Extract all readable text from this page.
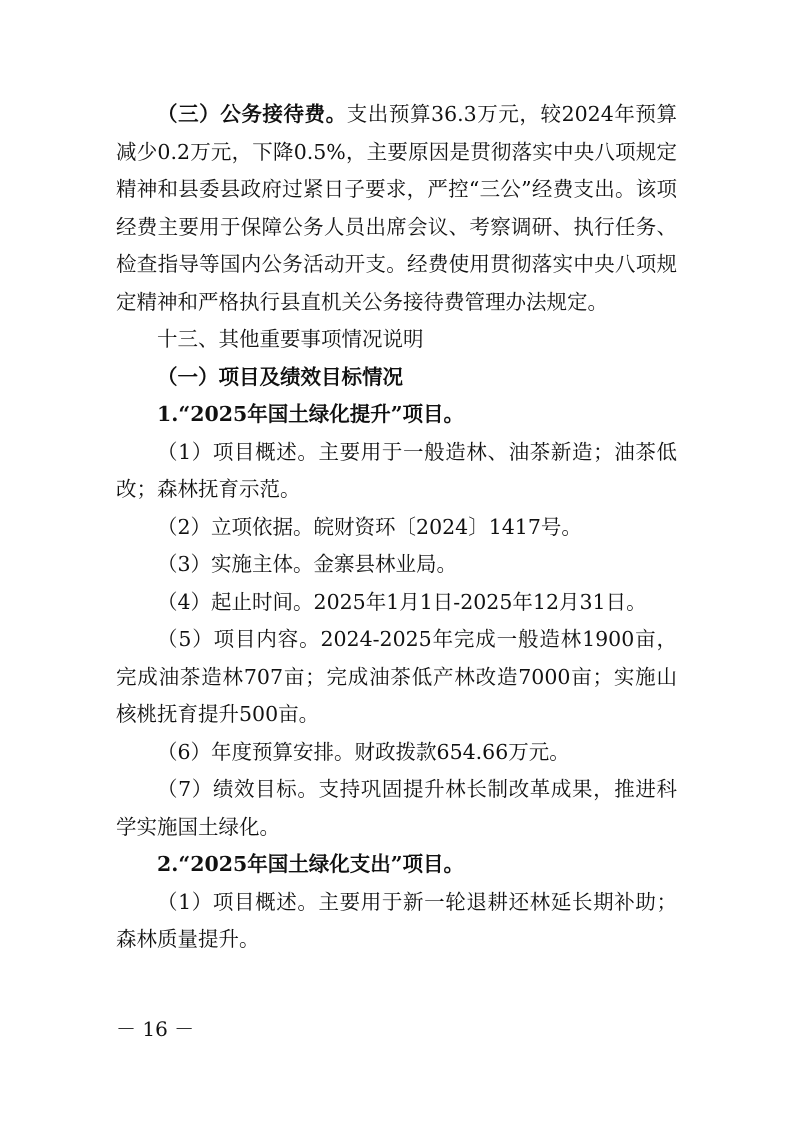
（三）公务接待费。支出预算36.3万元，较2024年预算减少0.2万元，下降0.5%，主要原因是贯彻落实中央八项规定精神和县委县政府过紧日子要求，严控“三公”经费支出。该项经费主要用于保障公务人员出席会议、考察调研、执行任务、检查指导等国内公务活动开支。经费使用贯彻落实中央八项规定精神和严格执行县直机关公务接待费管理办法规定。

十三、其他重要事项情况说明

（一）项目及绩效目标情况

1.“2025年国土绿化提升”项目。

（1）项目概述。主要用于一般造林、油茶新造；油茶低改；森林抚育示范。

（2）立项依据。皖财资环〔2024〕1417号。

（3）实施主体。金寨县林业局。

（4）起止时间。2025年1月1日-2025年12月31日。

（5）项目内容。2024-2025年完成一般造林1900亩，完成油茶造林707亩；完成油茶低产林改造7000亩；实施山核桃抚育提升500亩。

（6）年度预算安排。财政拨款654.66万元。

（7）绩效目标。支持巩固提升林长制改革成果，推进科学实施国土绿化。

2.“2025年国土绿化支出”项目。

（1）项目概述。主要用于新一轮退耕还林延长期补助；森林质量提升。

－ 16 －
